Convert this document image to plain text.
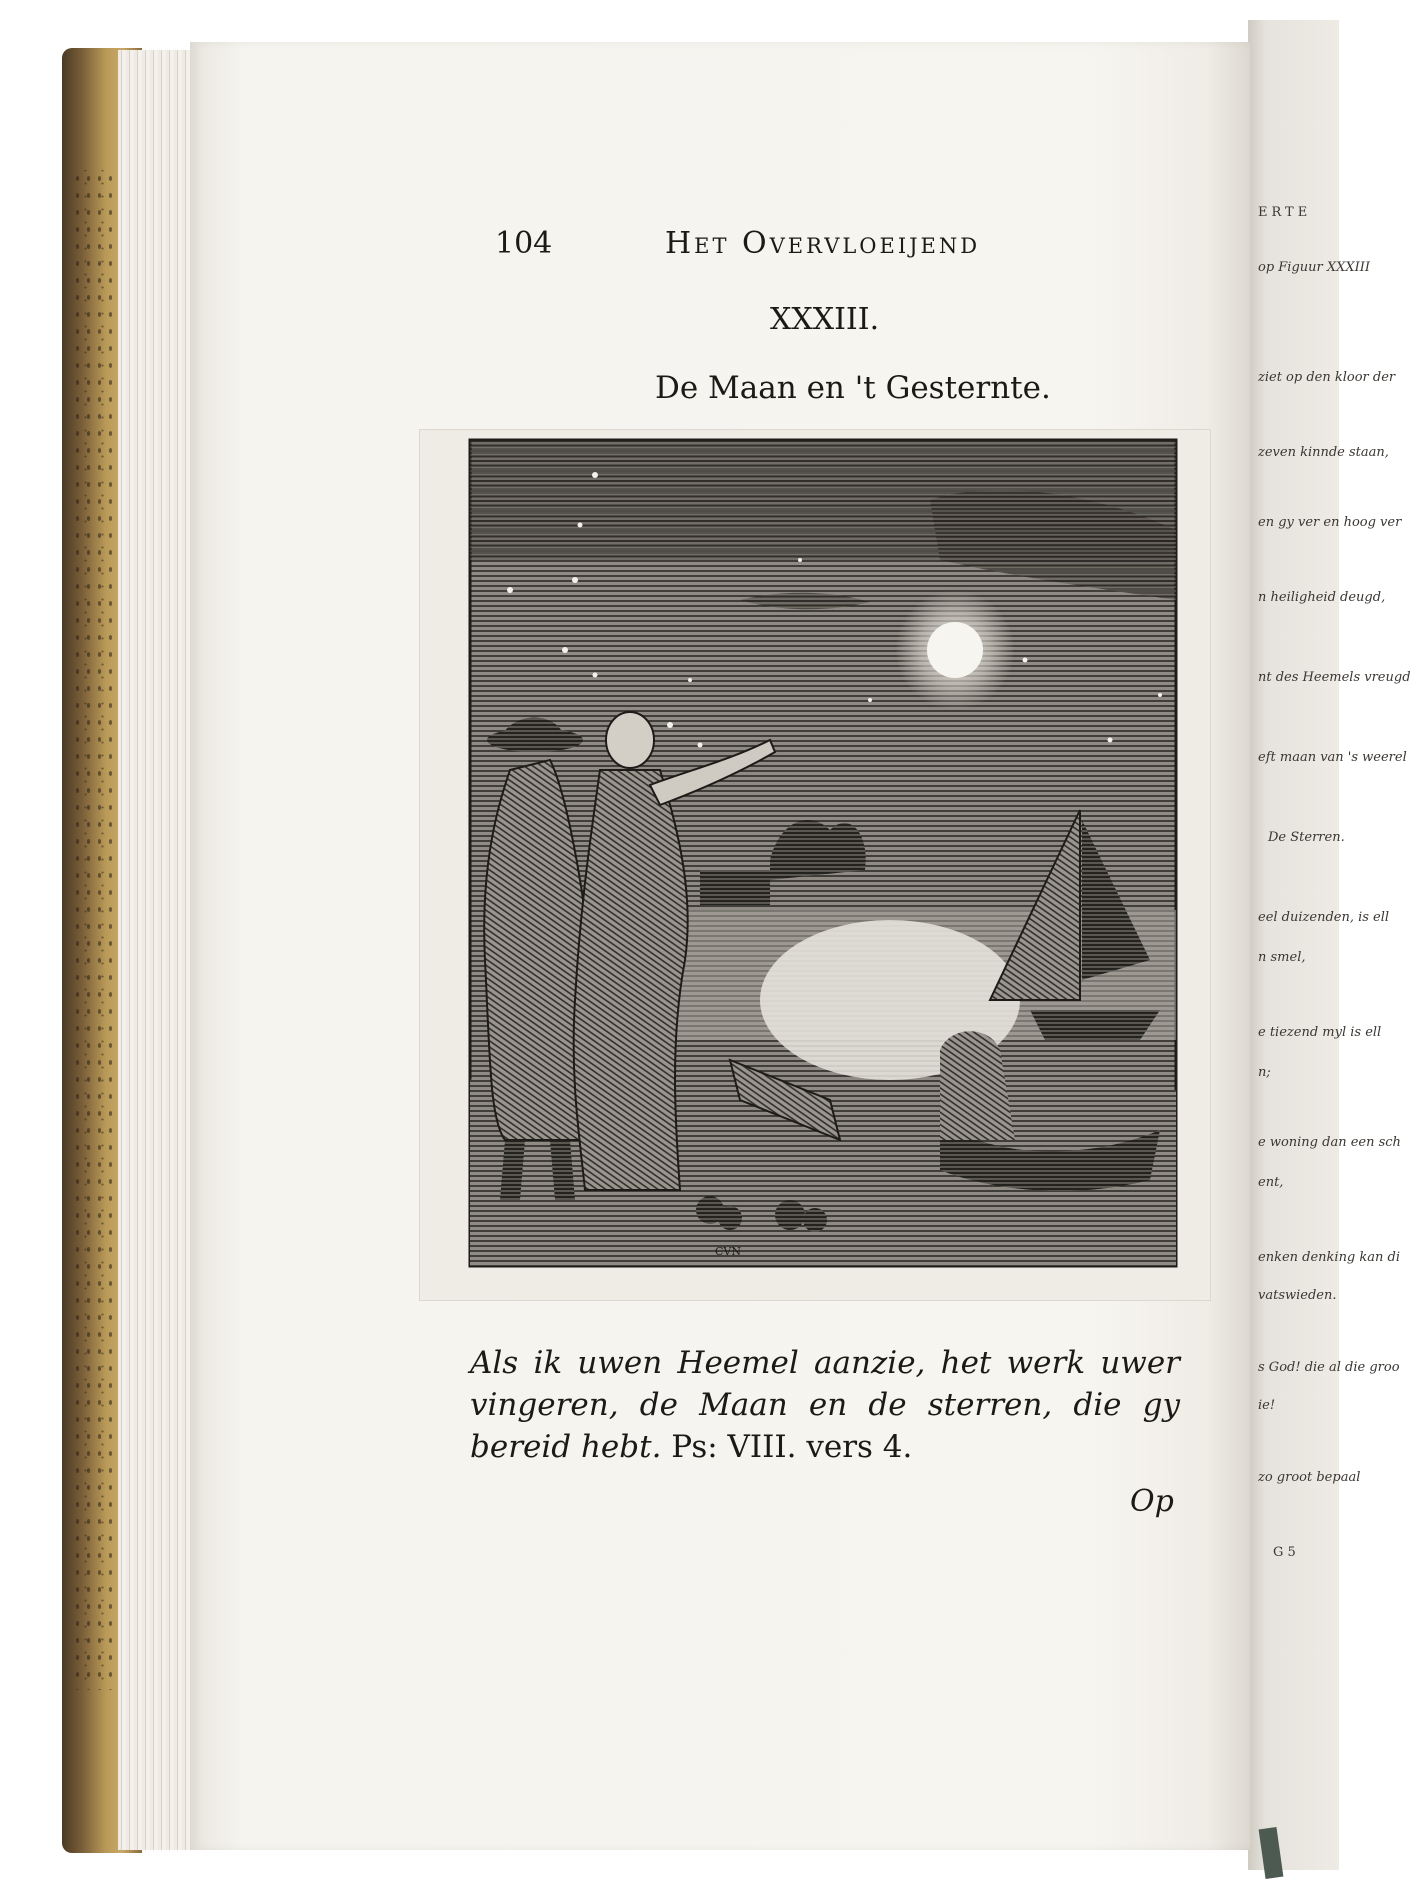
ERTE
op Figuur XXXIII
ziet op den kloor der
zeven kinnde staan,
en gy ver en hoog ver
n heiligheid deugd,
nt des Heemels vreugd
eft maan van 's weerel
De Sterren.
eel duizenden, is ell
n smel,
e tiezend myl is ell
n;
e woning dan een sch
ent,
enken denking kan di
vatswieden.
s God! die al die groo
ie!
zo groot bepaal
G 5
104	Het Overvloeijend
XXXIII.
De Maan en 't Gesternte.
CVN
Als ik uwen Heemel aanzie, het werk uwer vingeren, de Maan en de sterren, die gy bereid hebt. Ps: VIII. vers 4.
Op
